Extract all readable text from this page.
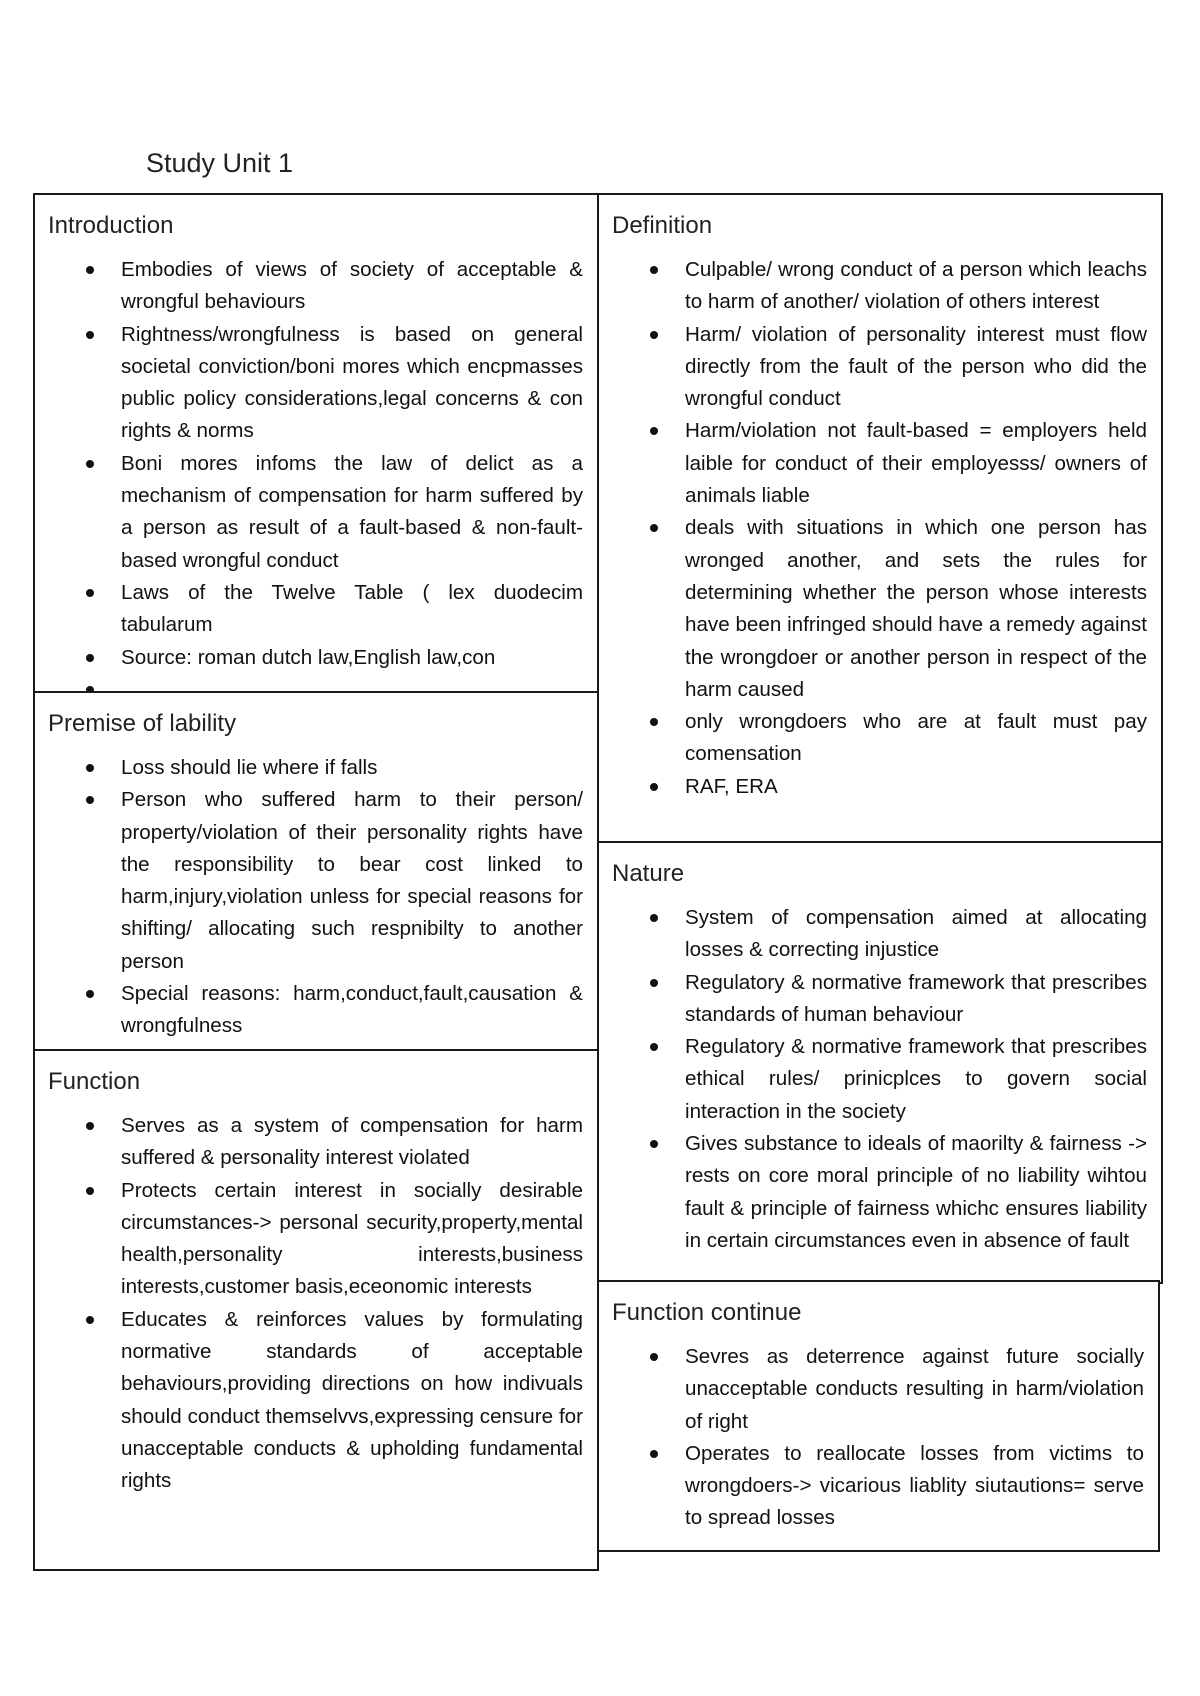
Study Unit 1
Introduction
Embodies of views of society of acceptable & wrongful behaviours
Rightness/wrongfulness is based on general societal conviction/boni mores which encpmasses public policy considerations,legal concerns & con rights & norms
Boni mores infoms the law of delict as a mechanism of compensation for harm suffered by a person as result of a fault-based & non-fault-based wrongful conduct
Laws of the Twelve Table ( lex duodecim tabularum
Source: roman dutch law,English law,con
Premise of lability
Loss should lie where if falls
Person who suffered harm to their person/ property/violation of their personality rights have the responsibility to bear cost linked to harm,injury,violation unless for special reasons for shifting/ allocating such respnibilty to another person
Special reasons: harm,conduct,fault,causation & wrongfulness
Function
Serves as a system of compensation for harm suffered & personality interest violated
Protects certain interest in socially desirable circumstances-> personal security,property,mental health,personality interests,business interests,customer basis,eceonomic interests
Educates & reinforces values by formulating normative standards of acceptable behaviours,providing directions on how indivuals should conduct themselvvs,expressing censure for unacceptable conducts & upholding fundamental rights
Definition
Culpable/ wrong conduct of a person which leachs to harm of another/ violation of others interest
Harm/ violation of personality interest must flow directly from the fault of the person who did the wrongful conduct
Harm/violation not fault-based = employers held laible for conduct of their employesss/ owners of animals liable
deals with situations in which one person has wronged another, and sets the rules for determining whether the person whose interests have been infringed should have a remedy against the wrongdoer or another person in respect of the harm caused
only wrongdoers who are at fault must pay comensation
RAF, ERA
Nature
System of compensation aimed at allocating losses & correcting injustice
Regulatory & normative framework that prescribes standards of human behaviour
Regulatory & normative framework that prescribes ethical rules/ prinicplces to govern social interaction in the society
Gives substance to ideals of maorilty & fairness -> rests on core moral principle of no liability wihtou fault & principle of fairness whichc ensures liability in certain circumstances even in absence of fault
Function continue
Sevres as deterrence against future socially unacceptable conducts resulting in harm/violation of right
Operates to reallocate losses from victims to wrongdoers-> vicarious liablity siutautions= serve to spread losses
